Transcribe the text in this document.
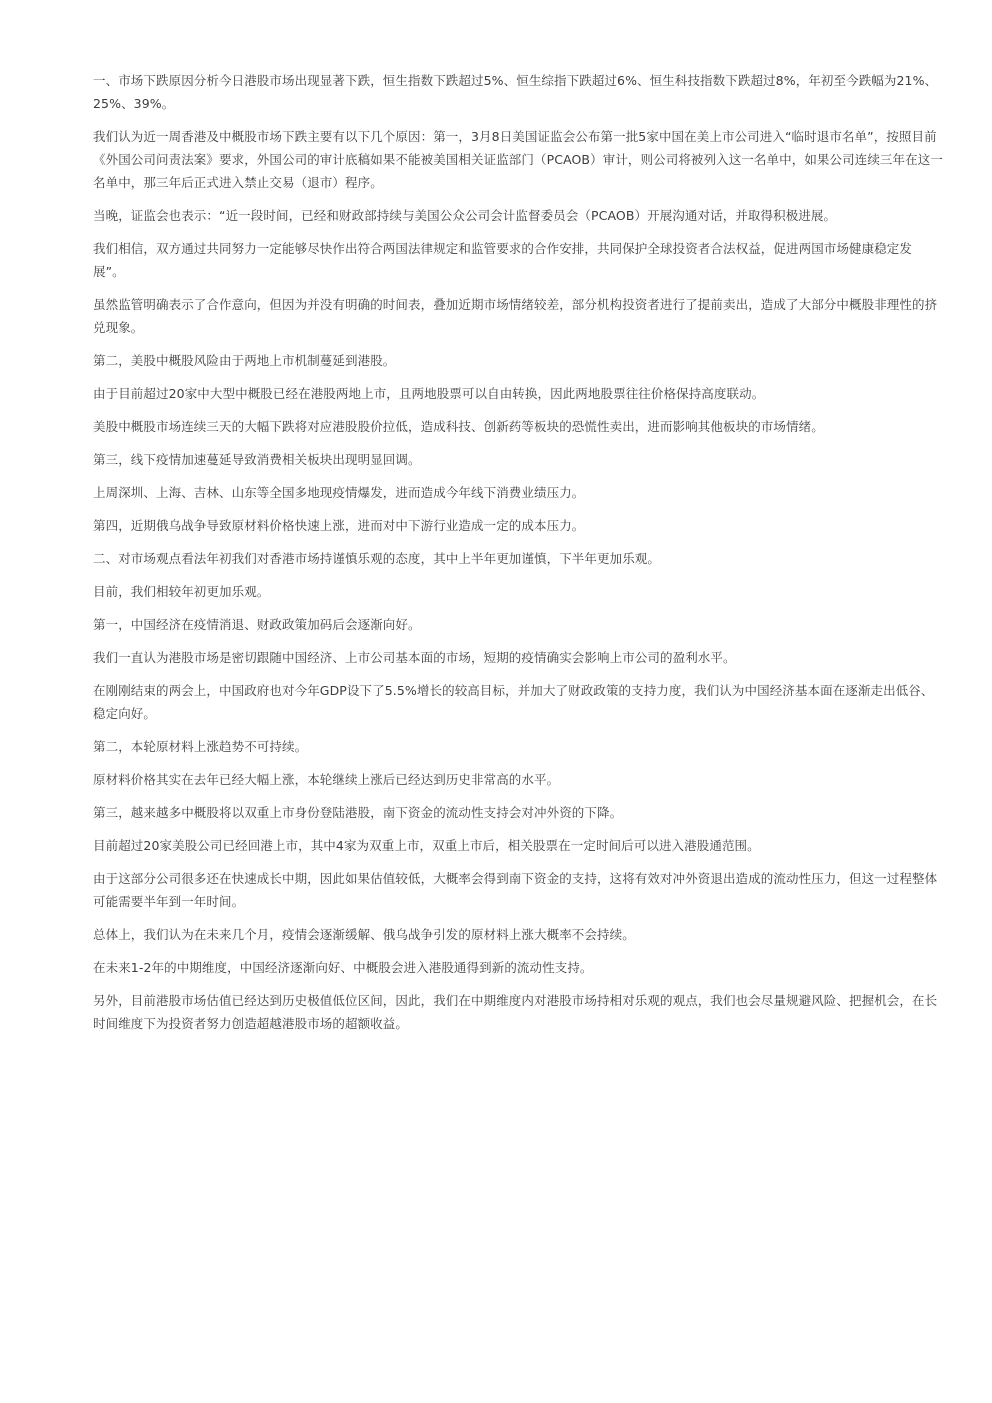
一、市场下跌原因分析今日港股市场出现显著下跌，恒生指数下跌超过5%、恒生综指下跌超过6%、恒生科技指数下跌超过8%，年初至今跌幅为21%、25%、39%。

我们认为近一周香港及中概股市场下跌主要有以下几个原因：第一，3月8日美国证监会公布第一批5家中国在美上市公司进入“临时退市名单”，按照目前《外国公司问责法案》要求，外国公司的审计底稿如果不能被美国相关证监部门（PCAOB）审计，则公司将被列入这一名单中，如果公司连续三年在这一名单中，那三年后正式进入禁止交易（退市）程序。

当晚，证监会也表示：“近一段时间，已经和财政部持续与美国公众公司会计监督委员会（PCAOB）开展沟通对话，并取得积极进展。

我们相信，双方通过共同努力一定能够尽快作出符合两国法律规定和监管要求的合作安排，共同保护全球投资者合法权益，促进两国市场健康稳定发展”。

虽然监管明确表示了合作意向，但因为并没有明确的时间表，叠加近期市场情绪较差，部分机构投资者进行了提前卖出，造成了大部分中概股非理性的挤兑现象。

第二，美股中概股风险由于两地上市机制蔓延到港股。

由于目前超过20家中大型中概股已经在港股两地上市，且两地股票可以自由转换，因此两地股票往往价格保持高度联动。

美股中概股市场连续三天的大幅下跌将对应港股股价拉低，造成科技、创新药等板块的恐慌性卖出，进而影响其他板块的市场情绪。

第三，线下疫情加速蔓延导致消费相关板块出现明显回调。

上周深圳、上海、吉林、山东等全国多地现疫情爆发，进而造成今年线下消费业绩压力。

第四，近期俄乌战争导致原材料价格快速上涨，进而对中下游行业造成一定的成本压力。

二、对市场观点看法年初我们对香港市场持谨慎乐观的态度，其中上半年更加谨慎，下半年更加乐观。

目前，我们相较年初更加乐观。

第一，中国经济在疫情消退、财政政策加码后会逐渐向好。

我们一直认为港股市场是密切跟随中国经济、上市公司基本面的市场，短期的疫情确实会影响上市公司的盈利水平。

在刚刚结束的两会上，中国政府也对今年GDP设下了5.5%增长的较高目标，并加大了财政政策的支持力度，我们认为中国经济基本面在逐渐走出低谷、稳定向好。

第二，本轮原材料上涨趋势不可持续。

原材料价格其实在去年已经大幅上涨，本轮继续上涨后已经达到历史非常高的水平。

第三，越来越多中概股将以双重上市身份登陆港股，南下资金的流动性支持会对冲外资的下降。

目前超过20家美股公司已经回港上市，其中4家为双重上市，双重上市后，相关股票在一定时间后可以进入港股通范围。

由于这部分公司很多还在快速成长中期，因此如果估值较低，大概率会得到南下资金的支持，这将有效对冲外资退出造成的流动性压力，但这一过程整体可能需要半年到一年时间。

总体上，我们认为在未来几个月，疫情会逐渐缓解、俄乌战争引发的原材料上涨大概率不会持续。

在未来1-2年的中期维度，中国经济逐渐向好、中概股会进入港股通得到新的流动性支持。

另外，目前港股市场估值已经达到历史极值低位区间，因此，我们在中期维度内对港股市场持相对乐观的观点，我们也会尽量规避风险、把握机会，在长时间维度下为投资者努力创造超越港股市场的超额收益。
